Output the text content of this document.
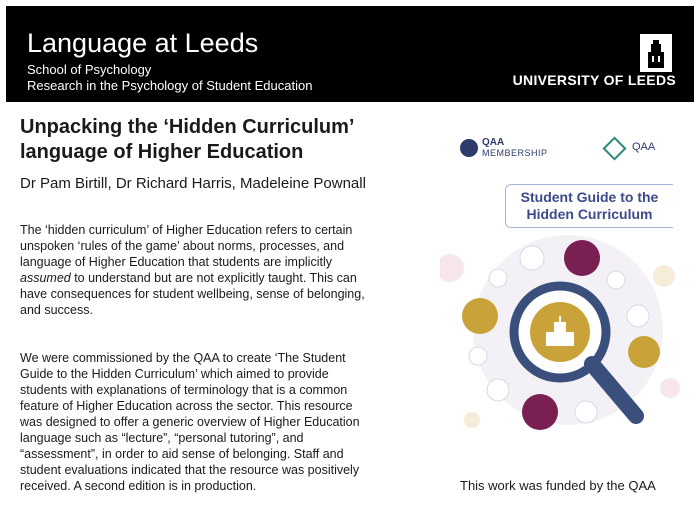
Language at Leeds
School of Psychology
Research in the Psychology of Student Education	UNIVERSITY OF LEEDS
Unpacking the ‘Hidden Curriculum’
language of Higher Education
Dr Pam Birtill, Dr Richard Harris, Madeleine Pownall
The ‘hidden curriculum’ of Higher Education refers to certain
unspoken ‘rules of the game’ about norms, processes, and
language of Higher Education that students are implicitly
assumed to understand but are not explicitly taught. This can
have consequences for student wellbeing, sense of belonging,
and success.
We were commissioned by the QAA to create ‘The Student
Guide to the Hidden Curriculum’ which aimed to provide
students with explanations of terminology that is a common
feature of Higher Education across the sector. This resource
was designed to offer a generic overview of Higher Education
language such as “lecture”, “personal tutoring”, and
“assessment”, in order to aid sense of belonging. Staff and
student evaluations indicated that the resource was positively
received. A second edition is in production.
QAA
MEMBERSHIP	QAA
Student Guide to the
Hidden Curriculum
This work was funded by the QAA
